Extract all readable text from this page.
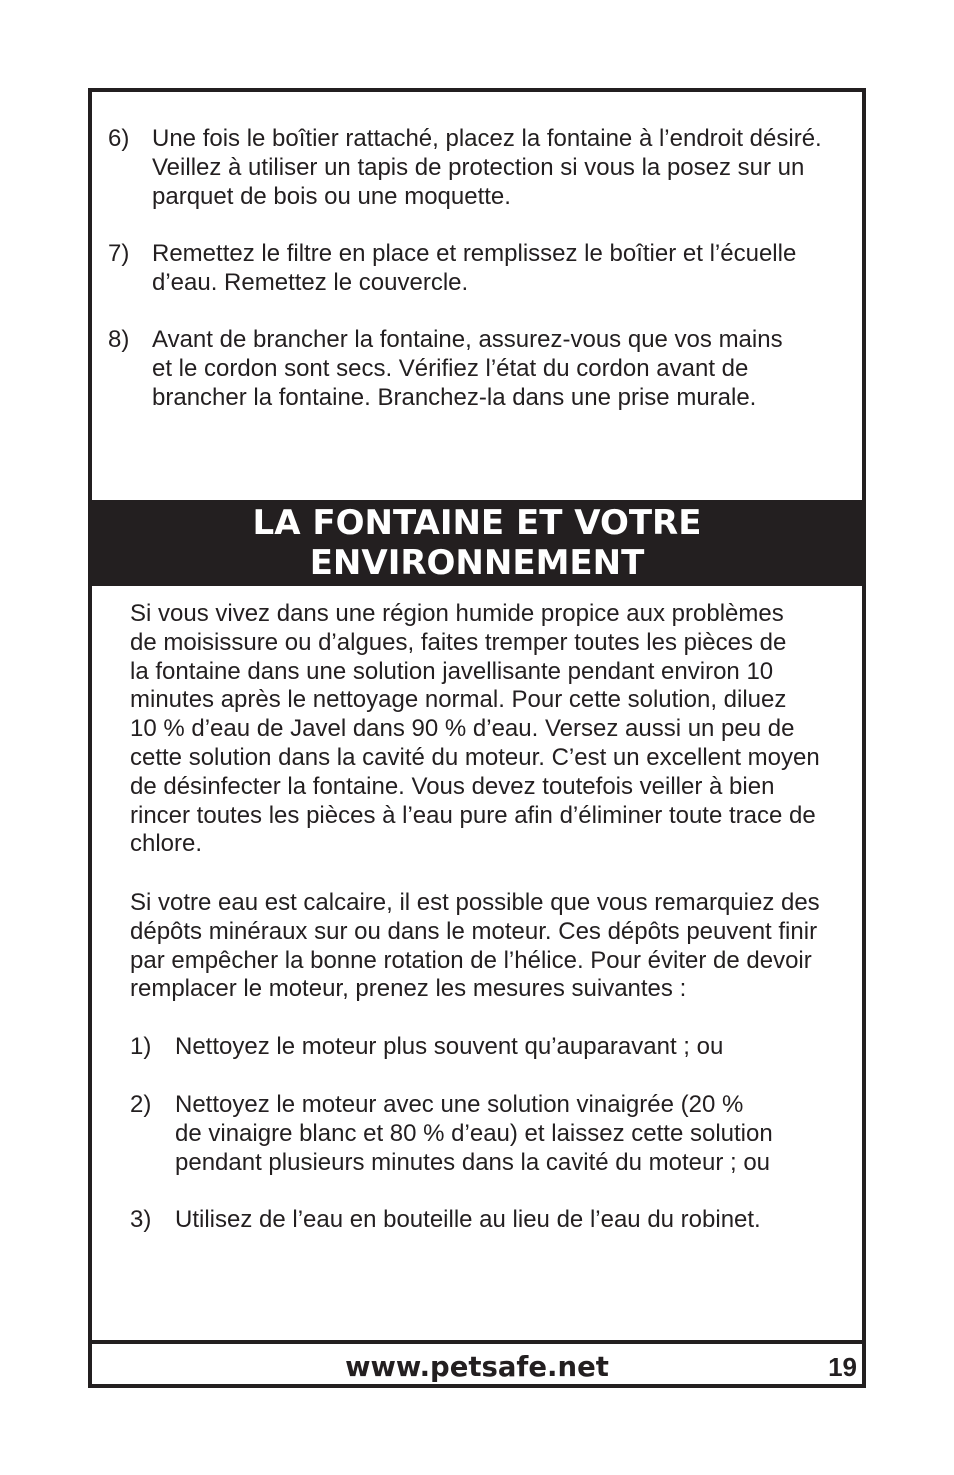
6) Une fois le boîtier rattaché, placez la fontaine à l’endroit désiré.
Veillez à utiliser un tapis de protection si vous la posez sur un
parquet de bois ou une moquette.
7) Remettez le filtre en place et remplissez le boîtier et l’écuelle
d’eau. Remettez le couvercle.
8) Avant de brancher la fontaine, assurez-vous que vos mains
et le cordon sont secs. Vérifiez l’état du cordon avant de
brancher la fontaine. Branchez-la dans une prise murale.
LA FONTAINE ET VOTRE
ENVIRONNEMENT
Si vous vivez dans une région humide propice aux problèmes
de moisissure ou d’algues, faites tremper toutes les pièces de
la fontaine dans une solution javellisante pendant environ 10
minutes après le nettoyage normal. Pour cette solution, diluez
10 % d’eau de Javel dans 90 % d’eau. Versez aussi un peu de
cette solution dans la cavité du moteur. C’est un excellent moyen
de désinfecter la fontaine. Vous devez toutefois veiller à bien
rincer toutes les pièces à l’eau pure afin d’éliminer toute trace de
chlore.
Si votre eau est calcaire, il est possible que vous remarquiez des
dépôts minéraux sur ou dans le moteur. Ces dépôts peuvent finir
par empêcher la bonne rotation de l’hélice. Pour éviter de devoir
remplacer le moteur, prenez les mesures suivantes :
1) Nettoyez le moteur plus souvent qu’auparavant ; ou
2) Nettoyez le moteur avec une solution vinaigrée (20 %
de vinaigre blanc et 80 % d’eau) et laissez cette solution
pendant plusieurs minutes dans la cavité du moteur ; ou
3) Utilisez de l’eau en bouteille au lieu de l’eau du robinet.
www.petsafe.net	19
